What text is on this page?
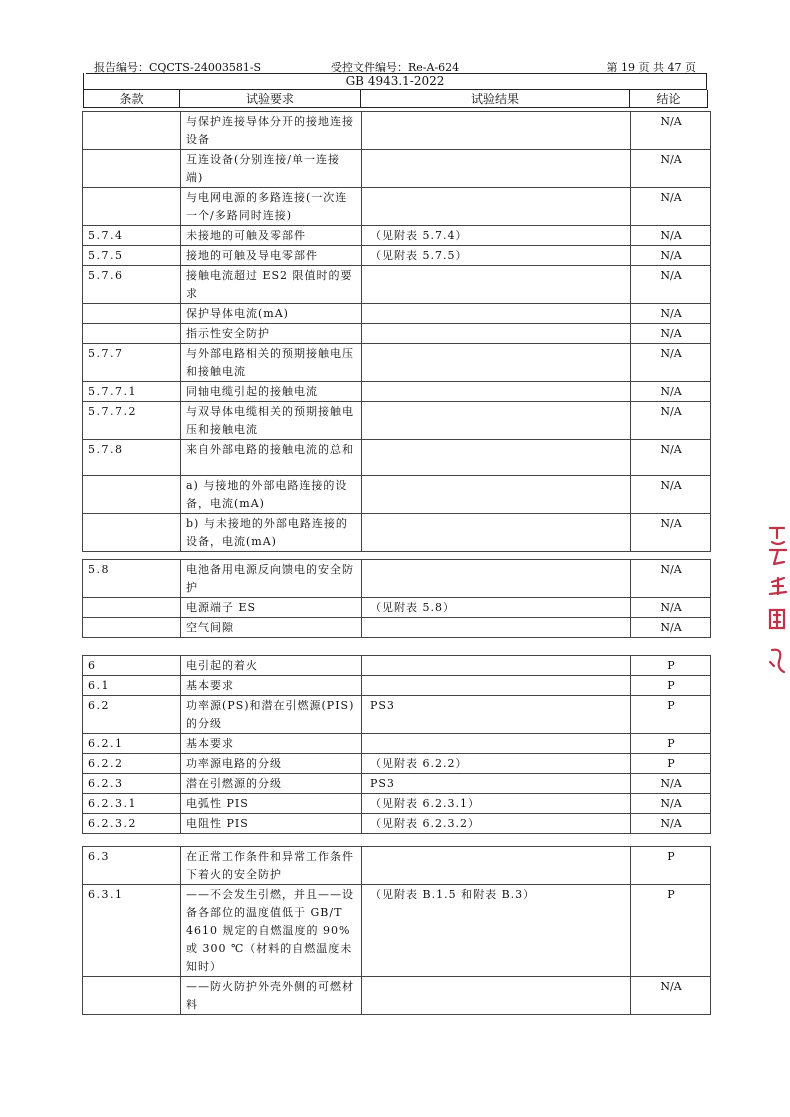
报告编号：CQCTS-24003581-S	受控文件编号：Re-A-624	第 19 页 共 47 页
GB 4943.1-2022
条款	试验要求	试验结果	结论
	与保护连接导体分开的接地连接设备		N/A
	互连设备(分别连接/单一连接端)		N/A
	与电网电源的多路连接(一次连一个/多路同时连接)		N/A
5.7.4	未接地的可触及零部件	（见附表 5.7.4）	N/A
5.7.5	接地的可触及导电零部件	（见附表 5.7.5）	N/A
5.7.6	接触电流超过 ES2 限值时的要求		N/A
	保护导体电流(mA)		N/A
	指示性安全防护		N/A
5.7.7	与外部电路相关的预期接触电压和接触电流		N/A
5.7.7.1	同轴电缆引起的接触电流		N/A
5.7.7.2	与双导体电缆相关的预期接触电压和接触电流		N/A
5.7.8	来自外部电路的接触电流的总和		N/A
	a) 与接地的外部电路连接的设备，电流(mA)		N/A
	b) 与未接地的外部电路连接的设备，电流(mA)		N/A
5.8	电池备用电源反向馈电的安全防护		N/A
	电源端子 ES	（见附表 5.8）	N/A
	空气间隙		N/A
6	电引起的着火		P
6.1	基本要求		P
6.2	功率源(PS)和潜在引燃源(PIS)的分级	PS3	P
6.2.1	基本要求		P
6.2.2	功率源电路的分级	（见附表 6.2.2）	P
6.2.3	潜在引燃源的分级	PS3	N/A
6.2.3.1	电弧性 PIS	（见附表 6.2.3.1）	N/A
6.2.3.2	电阻性 PIS	（见附表 6.2.3.2）	N/A
6.3	在正常工作条件和异常工作条件下着火的安全防护		P
6.3.1	——不会发生引燃，并且——设备各部位的温度值低于 GB/T 4610 规定的自燃温度的 90%或 300 ℃（材料的自燃温度未知时）	（见附表 B.1.5 和附表 B.3）	P
	——防火防护外壳外侧的可燃材料		N/A
